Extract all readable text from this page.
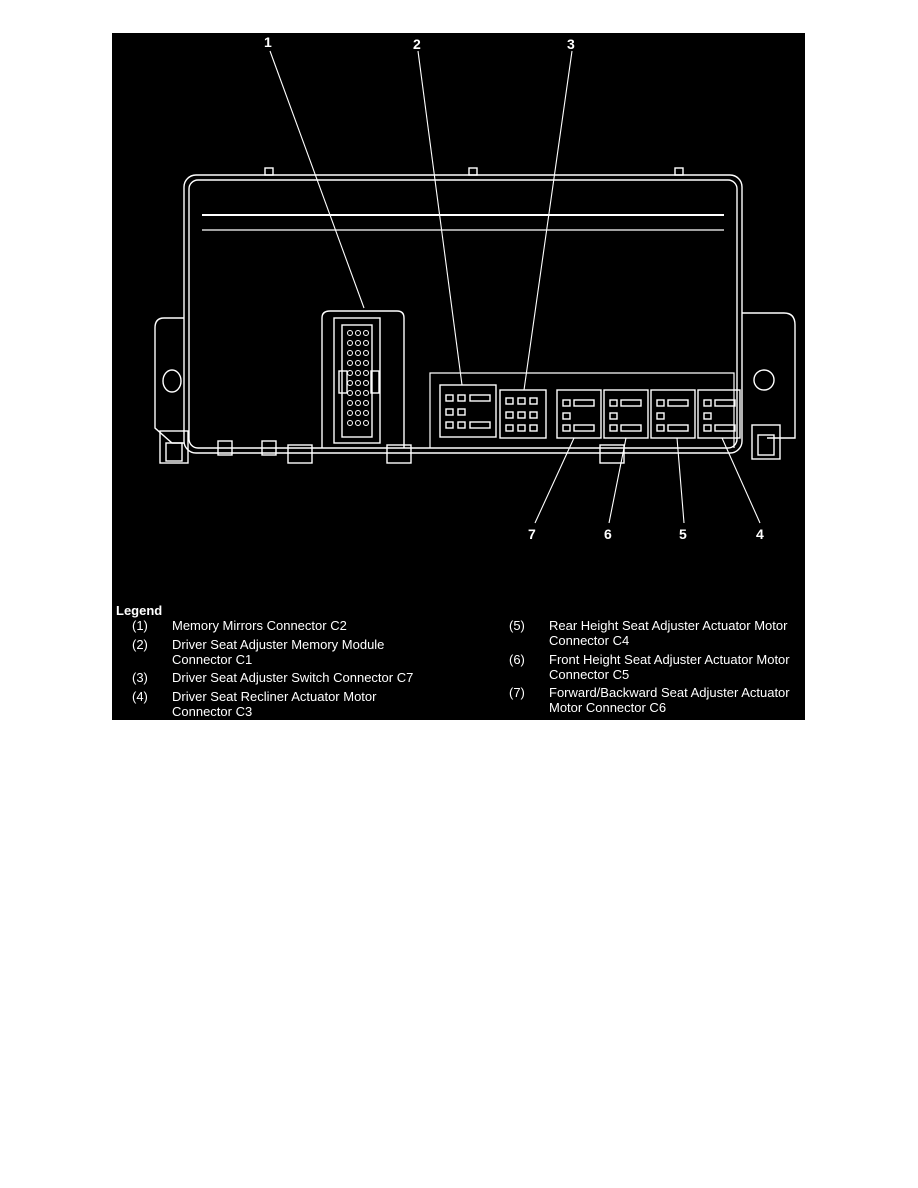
1	2	3
7	6	5	4
Legend
(1)	Memory Mirrors Connector C2
(2)	Driver Seat Adjuster Memory Module
Connector C1
(3)	Driver Seat Adjuster Switch Connector C7
(4)	Driver Seat Recliner Actuator Motor
Connector C3
(5)	Rear Height Seat Adjuster Actuator Motor
Connector C4
(6)	Front Height Seat Adjuster Actuator Motor
Connector C5
(7)	Forward/Backward Seat Adjuster Actuator
Motor Connector C6
